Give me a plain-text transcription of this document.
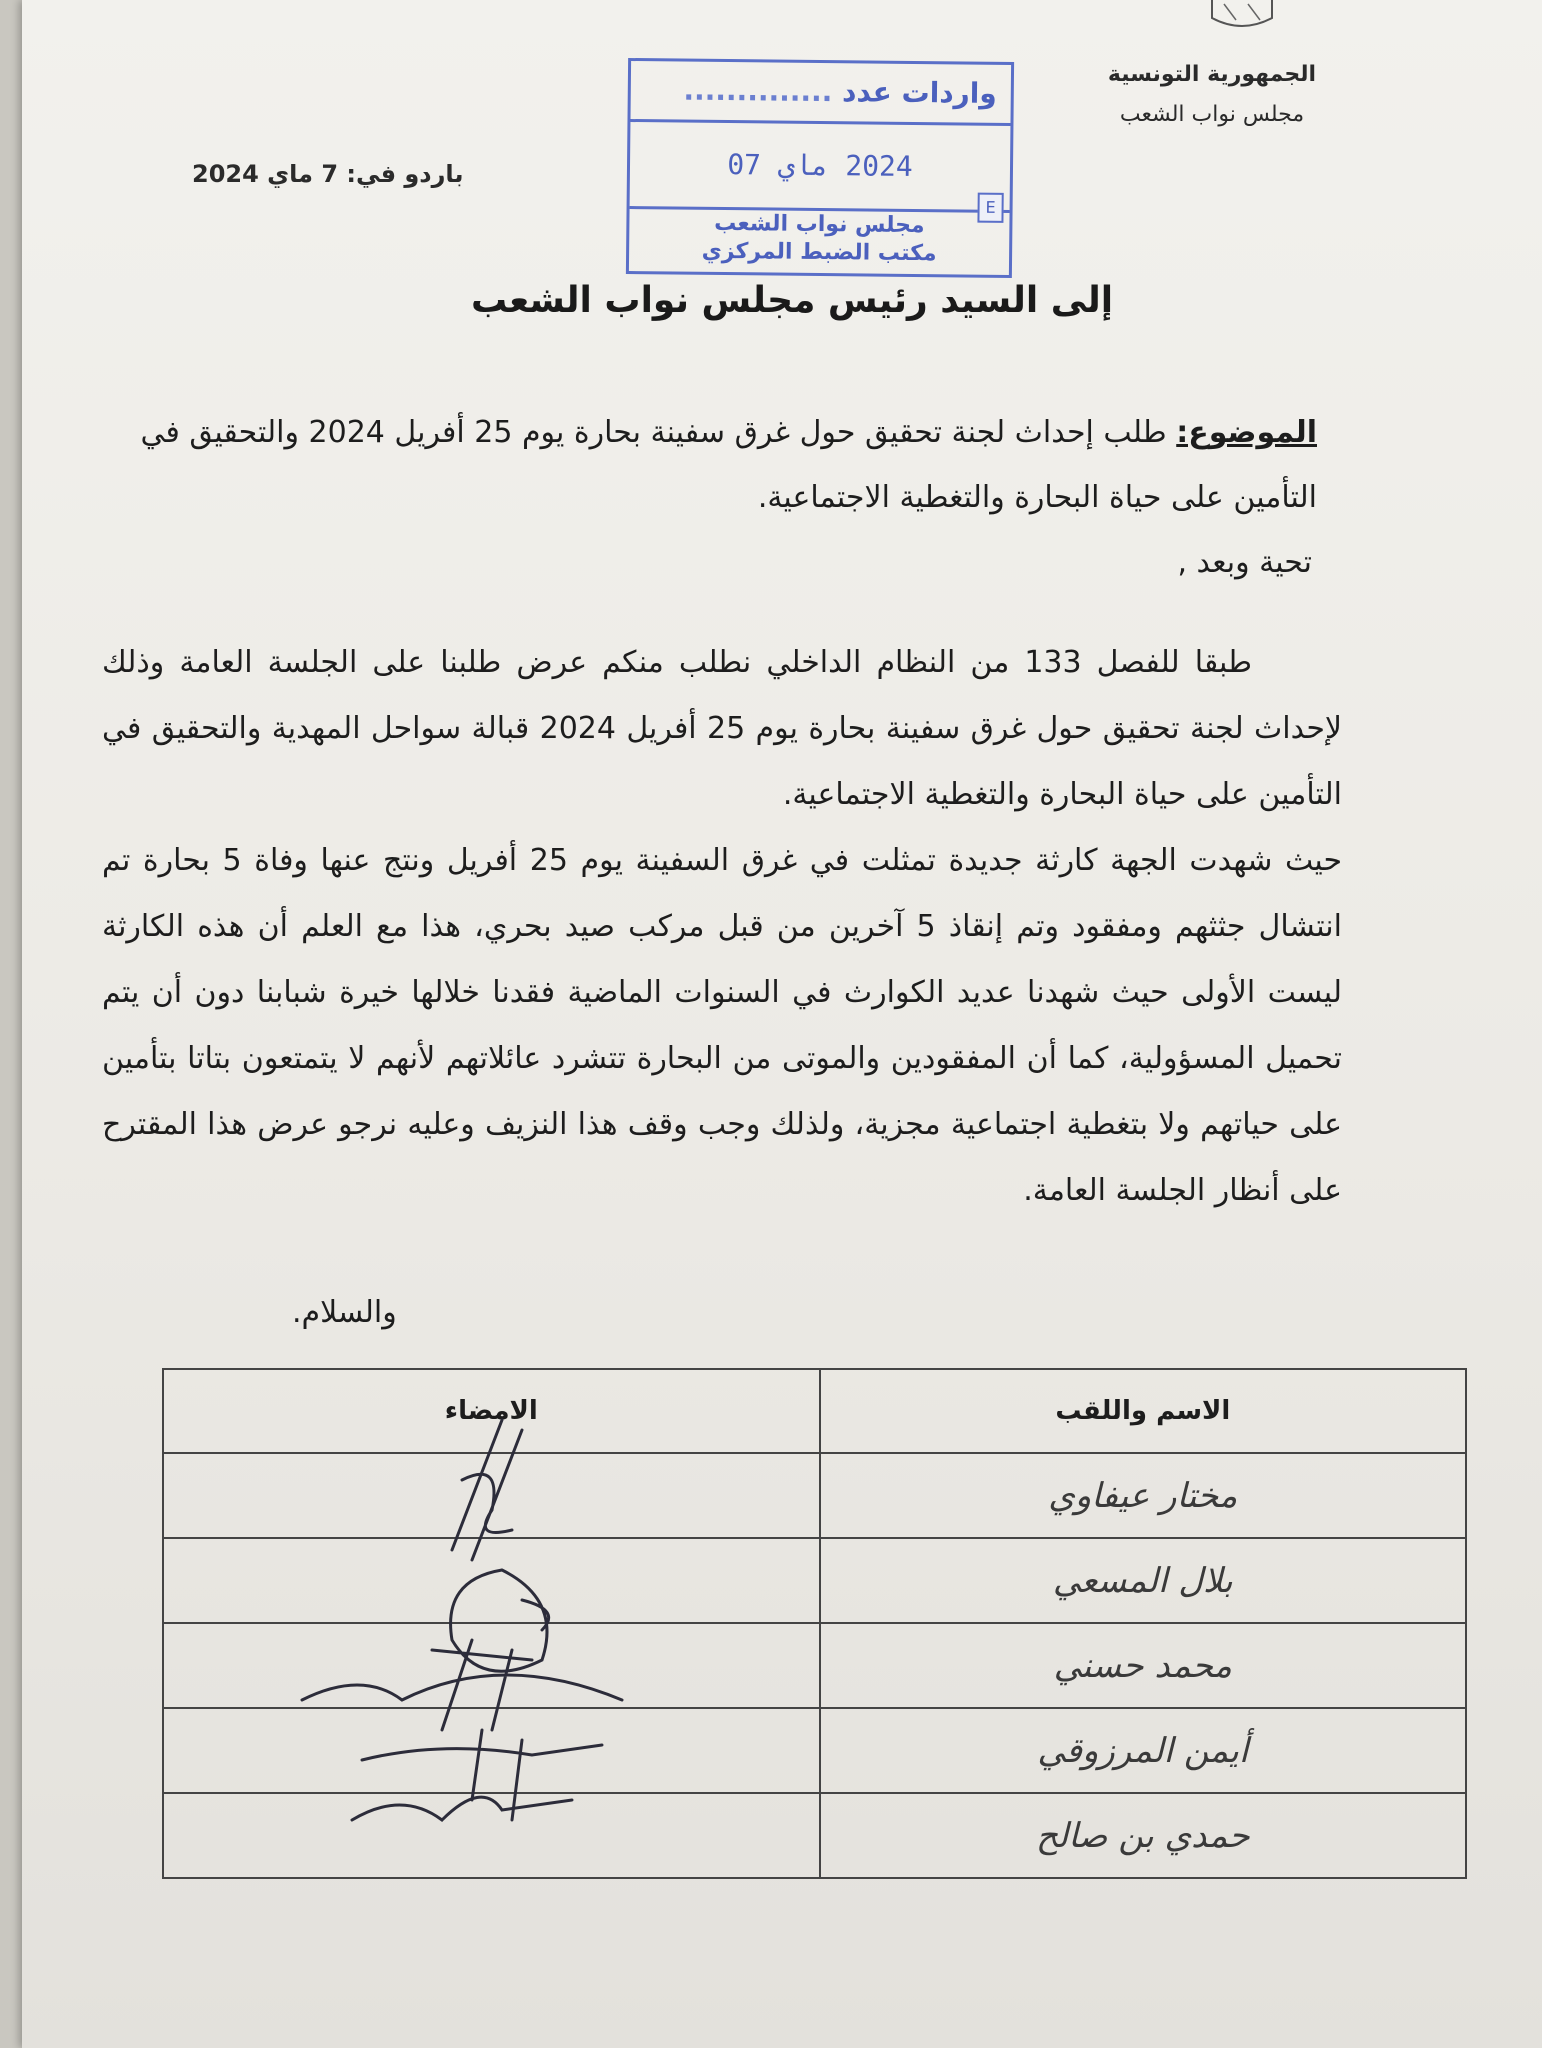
الجمهورية التونسية
مجلس نواب الشعب
باردو في: 7 ماي 2024
واردات عدد ..............
2024 ماي 07
E
مجلس نواب الشعب
مكتب الضبط المركزي
إلى السيد رئيس مجلس نواب الشعب
الموضوع: طلب إحداث لجنة تحقيق حول غرق سفينة بحارة يوم 25 أفريل 2024 والتحقيق في التأمين على حياة البحارة والتغطية الاجتماعية.
تحية وبعد ,

طبقا للفصل 133 من النظام الداخلي نطلب منكم عرض طلبنا على الجلسة العامة وذلك لإحداث لجنة تحقيق حول غرق سفينة بحارة يوم 25 أفريل 2024 قبالة سواحل المهدية والتحقيق في التأمين على حياة البحارة والتغطية الاجتماعية.

حيث شهدت الجهة كارثة جديدة تمثلت في غرق السفينة يوم 25 أفريل ونتج عنها وفاة 5 بحارة تم انتشال جثثهم ومفقود وتم إنقاذ 5 آخرين من قبل مركب صيد بحري، هذا مع العلم أن هذه الكارثة ليست الأولى حيث شهدنا عديد الكوارث في السنوات الماضية فقدنا خلالها خيرة شبابنا دون أن يتم تحميل المسؤولية، كما أن المفقودين والموتى من البحارة تتشرد عائلاتهم لأنهم لا يتمتعون بتاتا بتأمين على حياتهم ولا بتغطية اجتماعية مجزية، ولذلك وجب وقف هذا النزيف وعليه نرجو عرض هذا المقترح على أنظار الجلسة العامة.

والسلام.
الاسم واللقب	الامضاء
مختار عيفاوي	
بلال المسعي	
محمد حسني	
أيمن المرزوقي	
حمدي بن صالح	
